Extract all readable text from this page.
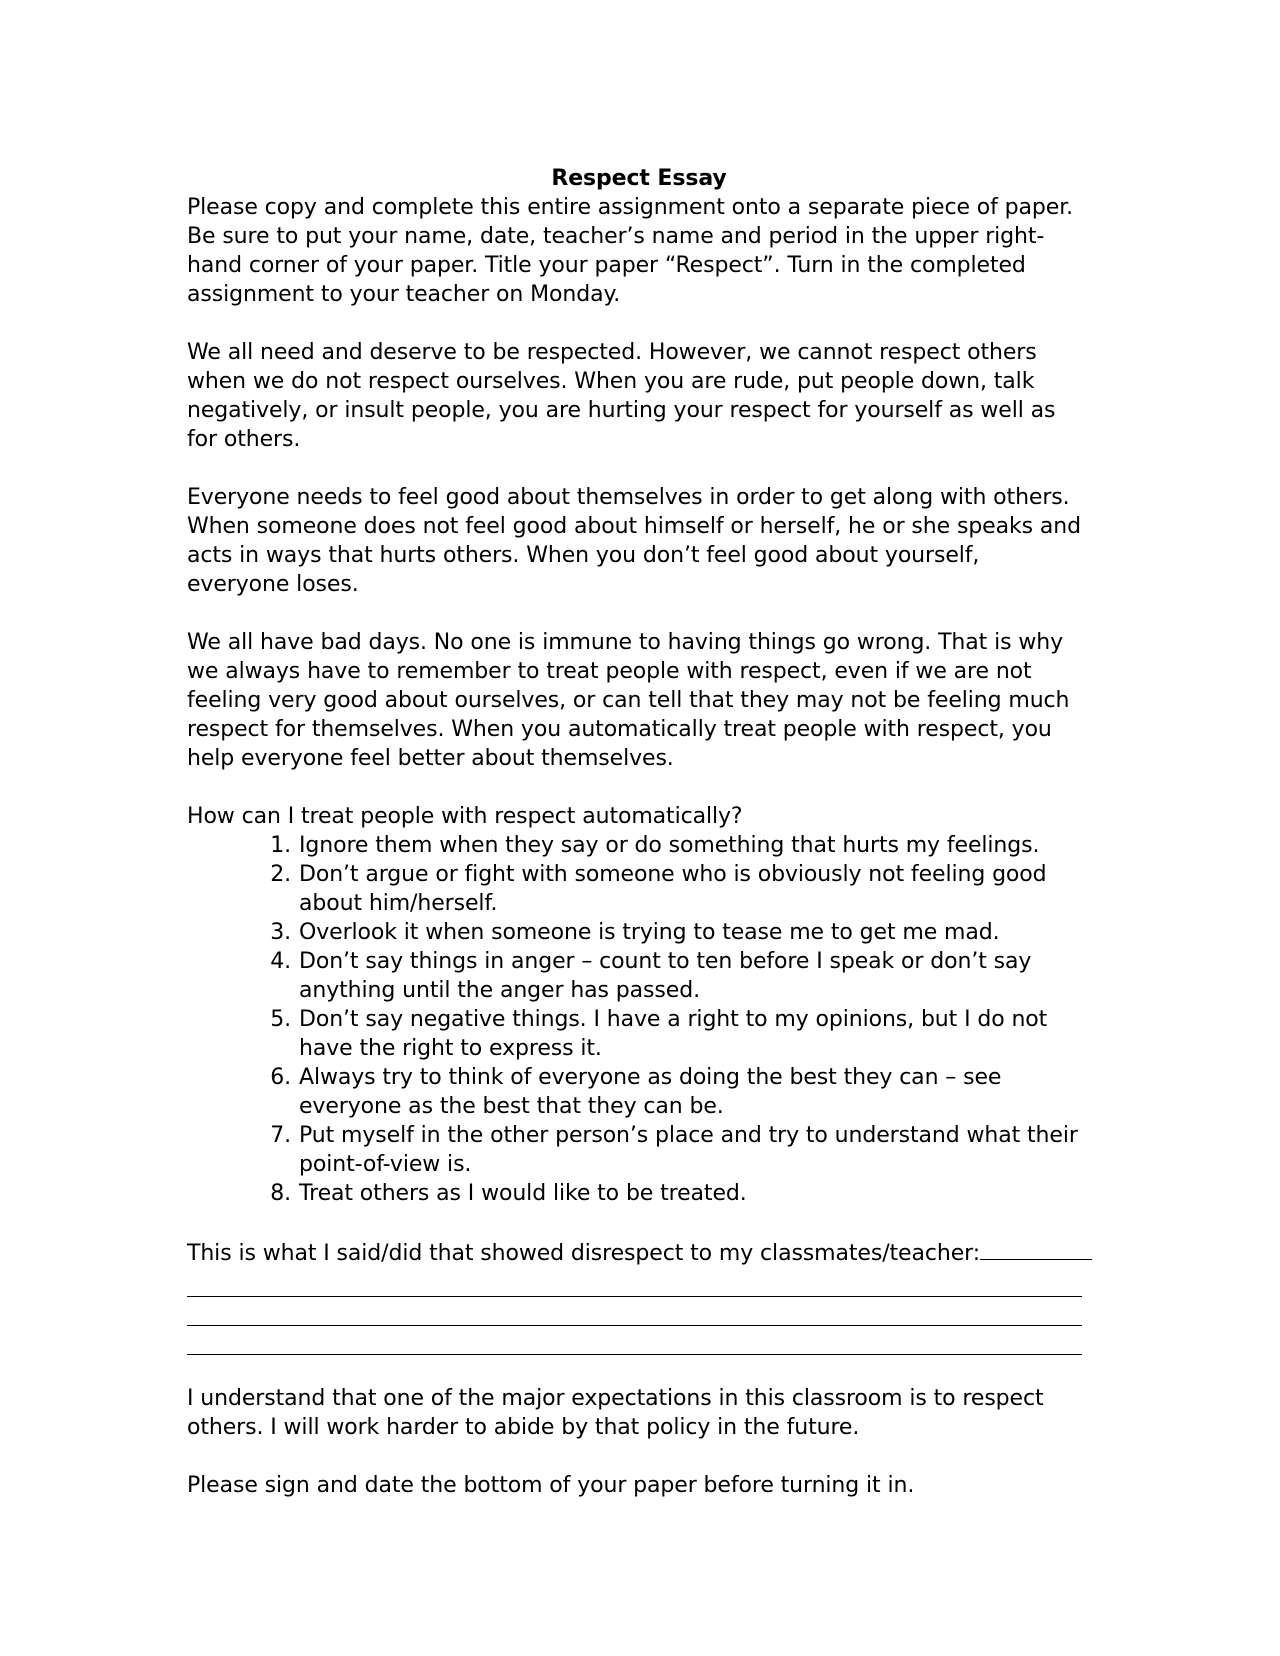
Respect Essay

Please copy and complete this entire assignment onto a separate piece of paper. Be sure to put your name, date, teacher’s name and period in the upper right-hand corner of your paper. Title your paper “Respect”. Turn in the completed assignment to your teacher on Monday.

We all need and deserve to be respected. However, we cannot respect others when we do not respect ourselves. When you are rude, put people down, talk negatively, or insult people, you are hurting your respect for yourself as well as for others.

Everyone needs to feel good about themselves in order to get along with others. When someone does not feel good about himself or herself, he or she speaks and acts in ways that hurts others. When you don’t feel good about yourself, everyone loses.

We all have bad days. No one is immune to having things go wrong. That is why we always have to remember to treat people with respect, even if we are not feeling very good about ourselves, or can tell that they may not be feeling much respect for themselves. When you automatically treat people with respect, you help everyone feel better about themselves.

How can I treat people with respect automatically?

1. Ignore them when they say or do something that hurts my feelings.
2. Don’t argue or fight with someone who is obviously not feeling good about him/herself.
3. Overlook it when someone is trying to tease me to get me mad.
4. Don’t say things in anger – count to ten before I speak or don’t say anything until the anger has passed.
5. Don’t say negative things. I have a right to my opinions, but I do not have the right to express it.
6. Always try to think of everyone as doing the best they can – see everyone as the best that they can be.
7. Put myself in the other person’s place and try to understand what their point-of-view is.
8. Treat others as I would like to be treated.

This is what I said/did that showed disrespect to my classmates/teacher:

I understand that one of the major expectations in this classroom is to respect others. I will work harder to abide by that policy in the future.

Please sign and date the bottom of your paper before turning it in.
